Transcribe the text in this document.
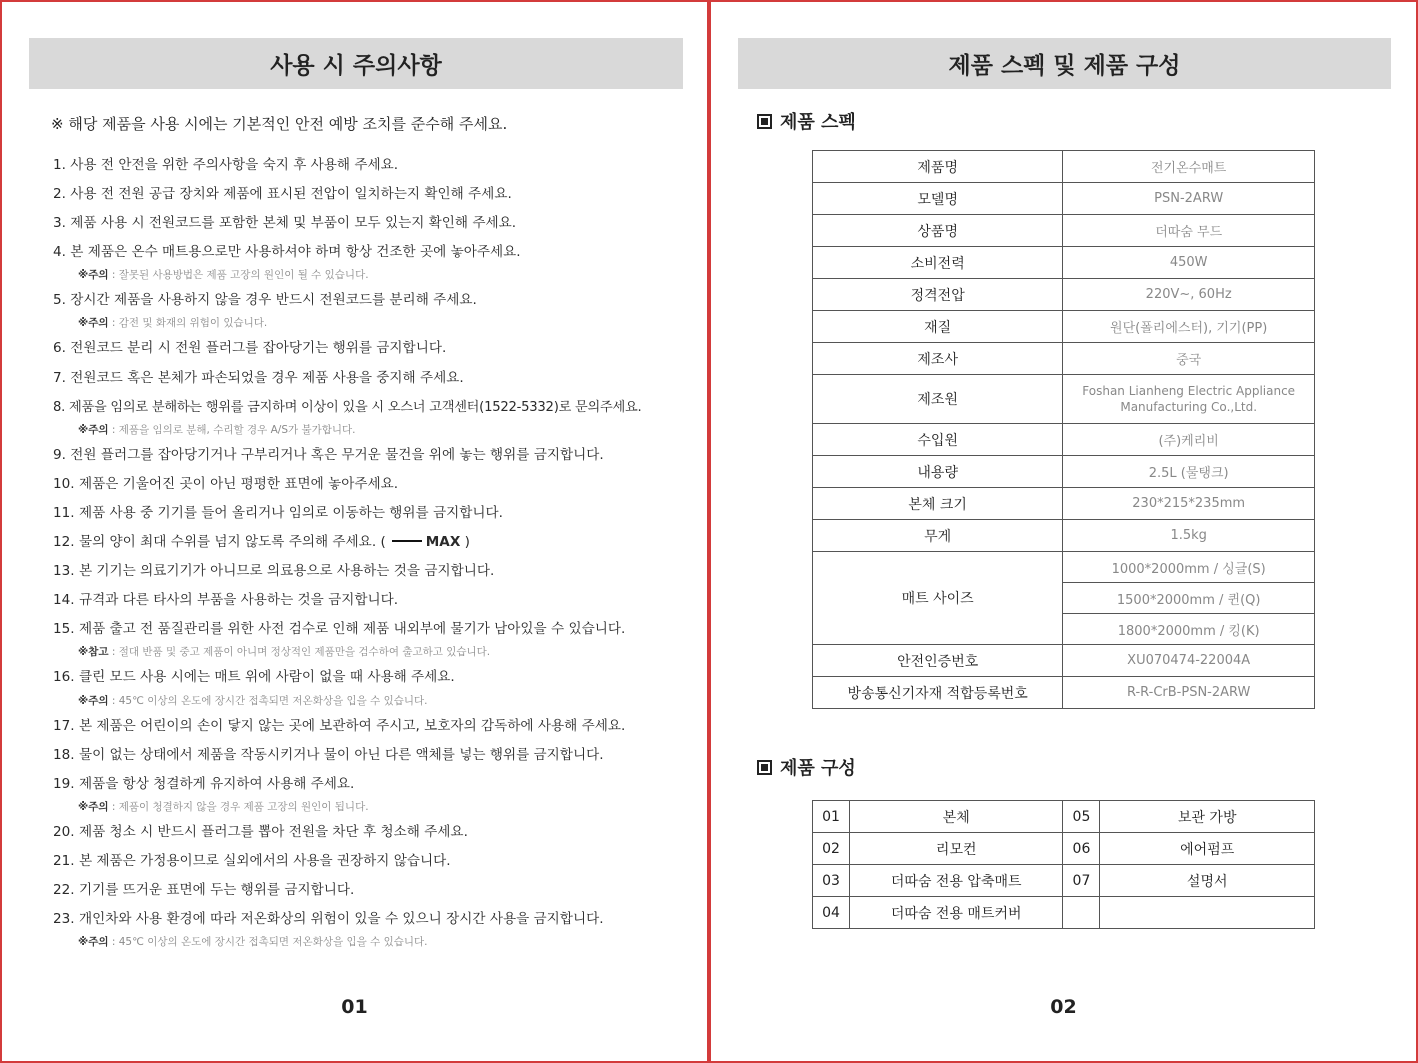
사용 시 주의사항
※ 해당 제품을 사용 시에는 기본적인 안전 예방 조치를 준수해 주세요.
1. 사용 전 안전을 위한 주의사항을 숙지 후 사용해 주세요.
2. 사용 전 전원 공급 장치와 제품에 표시된 전압이 일치하는지 확인해 주세요.
3. 제품 사용 시 전원코드를 포함한 본체 및 부품이 모두 있는지 확인해 주세요.
4. 본 제품은 온수 매트용으로만 사용하셔야 하며 항상 건조한 곳에 놓아주세요.
※주의 : 잘못된 사용방법은 제품 고장의 원인이 될 수 있습니다.
5. 장시간 제품을 사용하지 않을 경우 반드시 전원코드를 분리해 주세요.
※주의 : 감전 및 화재의 위험이 있습니다.
6. 전원코드 분리 시 전원 플러그를 잡아당기는 행위를 금지합니다.
7. 전원코드 혹은 본체가 파손되었을 경우 제품 사용을 중지해 주세요.
8. 제품을 임의로 분해하는 행위를 금지하며 이상이 있을 시 오스너 고객센터(1522-5332)로 문의주세요.
※주의 : 제품을 임의로 분해, 수리할 경우 A/S가 불가합니다.
9. 전원 플러그를 잡아당기거나 구부리거나 혹은 무거운 물건을 위에 놓는 행위를 금지합니다.
10. 제품은 기울어진 곳이 아닌 평평한 표면에 놓아주세요.
11. 제품 사용 중 기기를 들어 올리거나 임의로 이동하는 행위를 금지합니다.
12. 물의 양이 최대 수위를 넘지 않도록 주의해 주세요. (	MAX )
13. 본 기기는 의료기기가 아니므로 의료용으로 사용하는 것을 금지합니다.
14. 규격과 다른 타사의 부품을 사용하는 것을 금지합니다.
15. 제품 출고 전 품질관리를 위한 사전 검수로 인해 제품 내외부에 물기가 남아있을 수 있습니다.
※참고 : 절대 반품 및 중고 제품이 아니며 정상적인 제품만을 검수하여 출고하고 있습니다.
16. 클린 모드 사용 시에는 매트 위에 사람이 없을 때 사용해 주세요.
※주의 : 45℃ 이상의 온도에 장시간 접촉되면 저온화상을 입을 수 있습니다.
17. 본 제품은 어린이의 손이 닿지 않는 곳에 보관하여 주시고, 보호자의 감독하에 사용해 주세요.
18. 물이 없는 상태에서 제품을 작동시키거나 물이 아닌 다른 액체를 넣는 행위를 금지합니다.
19. 제품을 항상 청결하게 유지하여 사용해 주세요.
※주의 : 제품이 청결하지 않을 경우 제품 고장의 원인이 됩니다.
20. 제품 청소 시 반드시 플러그를 뽑아 전원을 차단 후 청소해 주세요.
21. 본 제품은 가정용이므로 실외에서의 사용을 권장하지 않습니다.
22. 기기를 뜨거운 표면에 두는 행위를 금지합니다.
23. 개인차와 사용 환경에 따라 저온화상의 위험이 있을 수 있으니 장시간 사용을 금지합니다.
※주의 : 45℃ 이상의 온도에 장시간 접촉되면 저온화상을 입을 수 있습니다.
01
제품 스펙 및 제품 구성
02
제품 스펙
제품명	전기온수매트
모델명	PSN-2ARW
상품명	더따숨 무드
소비전력	450W
정격전압	220V~, 60Hz
재질	원단(폴리에스터), 기기(PP)
제조사	중국
제조원	Foshan Lianheng Electric Appliance
Manufacturing Co.,Ltd.

수입원	(주)케리비
내용량	2.5L (물탱크)
본체 크기	230*215*235mm
무게	1.5kg
매트 사이즈	1000*2000mm / 싱글(S)
	1500*2000mm / 퀸(Q)
	1800*2000mm / 킹(K)
안전인증번호	XU070474-22004A
방송통신기자재 적합등록번호	R-R-CrB-PSN-2ARW
제품 구성
01	본체	05	보관 가방
02	리모컨	06	에어펌프
03	더따숨 전용 압축매트	07	설명서
04	더따숨 전용 매트커버		
